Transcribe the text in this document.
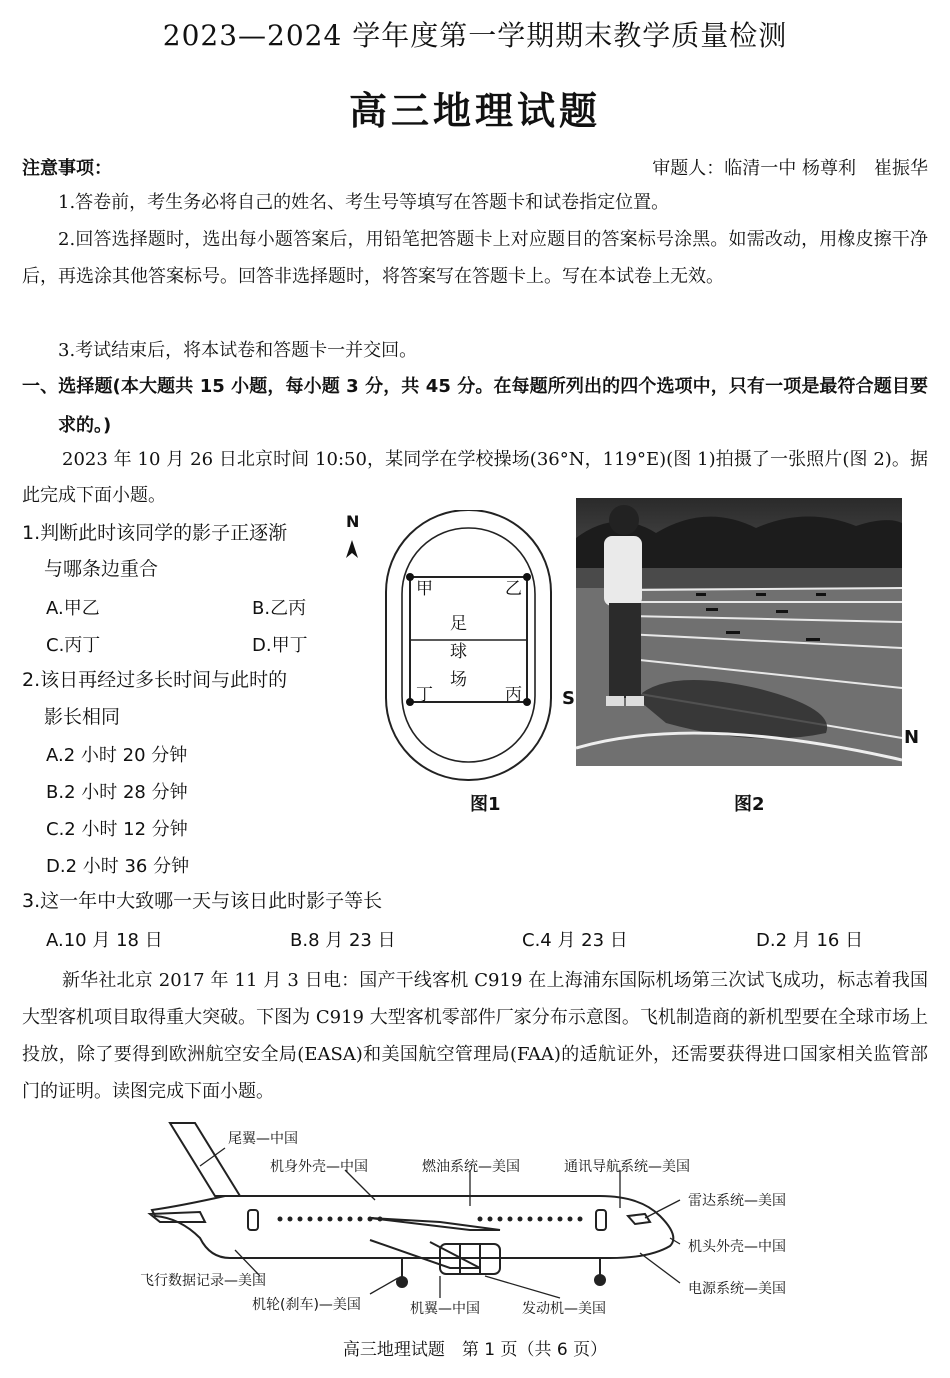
2023—2024 学年度第一学期期末教学质量检测
高三地理试题
注意事项：	审题人：临清一中 杨尊利　崔振华
1.答卷前，考生务必将自己的姓名、考生号等填写在答题卡和试卷指定位置。
2.回答选择题时，选出每小题答案后，用铅笔把答题卡上对应题目的答案标号涂黑。如需改动，用橡皮擦干净后，再选涂其他答案标号。回答非选择题时，将答案写在答题卡上。写在本试卷上无效。
3.考试结束后，将本试卷和答题卡一并交回。
一、选择题(本大题共 15 小题，每小题 3 分，共 45 分。在每题所列出的四个选项中，只有一项是最符合题目要求的。)
2023 年 10 月 26 日北京时间 10:50，某同学在学校操场(36°N，119°E)(图 1)拍摄了一张照片(图 2)。据此完成下面小题。
1.判断此时该同学的影子正逐渐
与哪条边重合
A.甲乙	B.乙丙
C.丙丁	D.甲丁
2.该日再经过多长时间与此时的
影长相同
A.2 小时 20 分钟
B.2 小时 28 分钟
C.2 小时 12 分钟
D.2 小时 36 分钟
3.这一年中大致哪一天与该日此时影子等长
A.10 月 18 日	B.8 月 23 日	C.4 月 23 日	D.2 月 16 日
N
甲	乙
丙
丁
足
球
场
图1
S
N
图2
新华社北京 2017 年 11 月 3 日电：国产干线客机 C919 在上海浦东国际机场第三次试飞成功，标志着我国大型客机项目取得重大突破。下图为 C919 大型客机零部件厂家分布示意图。飞机制造商的新机型要在全球市场上投放，除了要得到欧洲航空安全局(EASA)和美国航空管理局(FAA)的适航证外，还需要获得进口国家相关监管部门的证明。读图完成下面小题。
尾翼—中国
机身外壳—中国	燃油系统—美国	通讯导航系统—美国
雷达系统—美国
机头外壳—中国
电源系统—美国
飞行数据记录—美国
机轮(刹车)—美国	机翼—中国	发动机—美国
高三地理试题　第 1 页（共 6 页）
